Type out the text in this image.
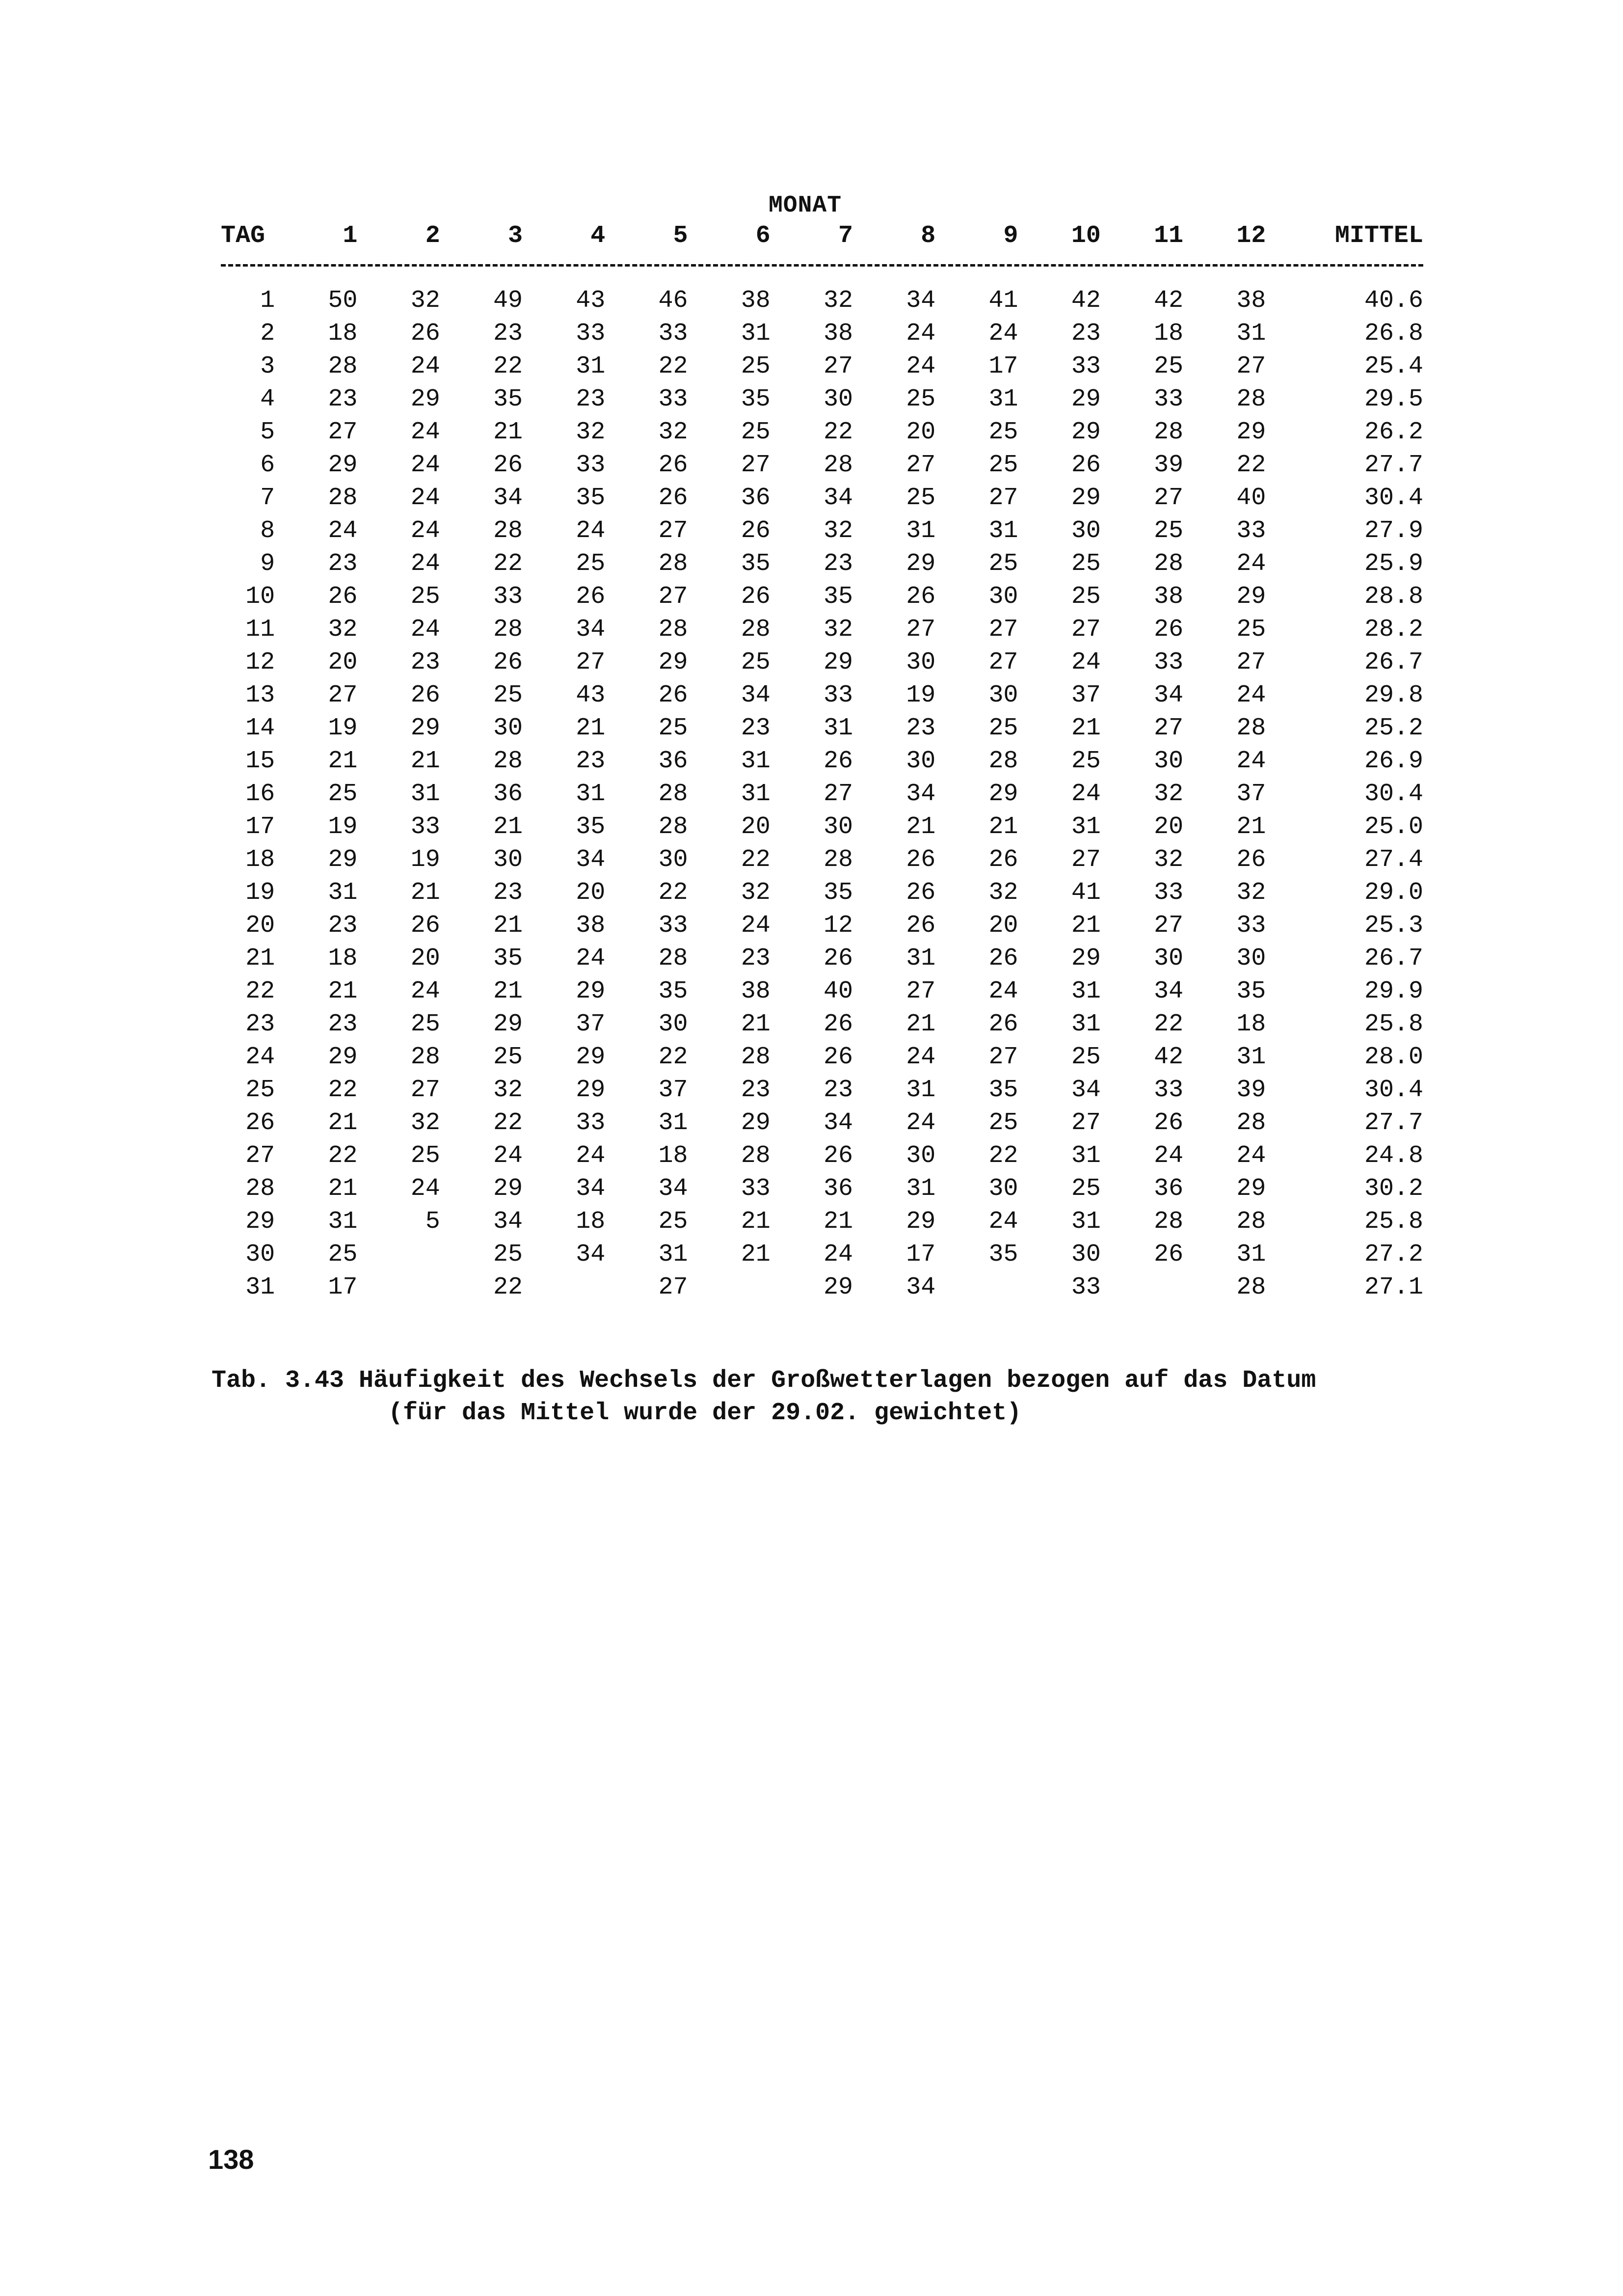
MONAT
TAG	1	2	3	4	5	6	7	8	9	10	11	12	MITTEL

1	50	32	49	43	46	38	32	34	41	42	42	38	40.6
2	18	26	23	33	33	31	38	24	24	23	18	31	26.8
3	28	24	22	31	22	25	27	24	17	33	25	27	25.4
4	23	29	35	23	33	35	30	25	31	29	33	28	29.5
5	27	24	21	32	32	25	22	20	25	29	28	29	26.2
6	29	24	26	33	26	27	28	27	25	26	39	22	27.7
7	28	24	34	35	26	36	34	25	27	29	27	40	30.4
8	24	24	28	24	27	26	32	31	31	30	25	33	27.9
9	23	24	22	25	28	35	23	29	25	25	28	24	25.9
10	26	25	33	26	27	26	35	26	30	25	38	29	28.8
11	32	24	28	34	28	28	32	27	27	27	26	25	28.2
12	20	23	26	27	29	25	29	30	27	24	33	27	26.7
13	27	26	25	43	26	34	33	19	30	37	34	24	29.8
14	19	29	30	21	25	23	31	23	25	21	27	28	25.2
15	21	21	28	23	36	31	26	30	28	25	30	24	26.9
16	25	31	36	31	28	31	27	34	29	24	32	37	30.4
17	19	33	21	35	28	20	30	21	21	31	20	21	25.0
18	29	19	30	34	30	22	28	26	26	27	32	26	27.4
19	31	21	23	20	22	32	35	26	32	41	33	32	29.0
20	23	26	21	38	33	24	12	26	20	21	27	33	25.3
21	18	20	35	24	28	23	26	31	26	29	30	30	26.7
22	21	24	21	29	35	38	40	27	24	31	34	35	29.9
23	23	25	29	37	30	21	26	21	26	31	22	18	25.8
24	29	28	25	29	22	28	26	24	27	25	42	31	28.0
25	22	27	32	29	37	23	23	31	35	34	33	39	30.4
26	21	32	22	33	31	29	34	24	25	27	26	28	27.7
27	22	25	24	24	18	28	26	30	22	31	24	24	24.8
28	21	24	29	34	34	33	36	31	30	25	36	29	30.2
29	31	5	34	18	25	21	21	29	24	31	28	28	25.8
30	25		25	34	31	21	24	17	35	30	26	31	27.2
31	17		22		27		29	34		33		28	27.1
Tab. 3.43 Häufigkeit des Wechsels der Großwetterlagen bezogen auf das Datum
(für das Mittel wurde der 29.02. gewichtet)
138
